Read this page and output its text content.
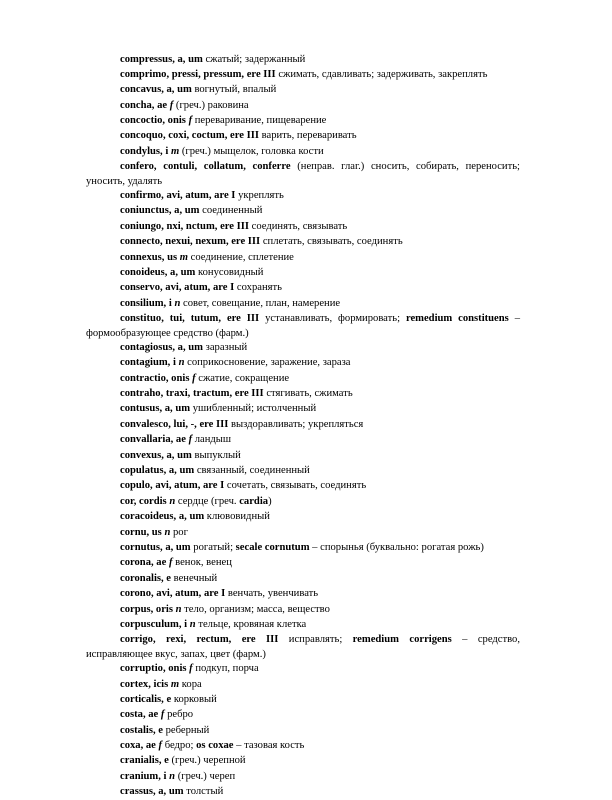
compressus, a, um сжатый; задержанный
comprimo, pressi, pressum, ere III сжимать, сдавливать; задерживать, закреплять
concavus, a, um вогнутый, впалый
concha, ae f (греч.) раковина
concoctio, onis f переваривание, пищеварение
concoquo, coxi, coctum, ere III варить, переваривать
condylus, i m (греч.) мыщелок, головка кости
confero, contuli, collatum, conferre (неправ. глаг.) сносить, собирать, переносить;
уносить, удалять
confirmo, avi, atum, are I укреплять
coniunctus, a, um соединенный
coniungo, nxi, nctum, ere III соединять, связывать
connecto, nexui, nexum, ere III сплетать, связывать, соединять
connexus, us m соединение, сплетение
conoideus, a, um конусовидный
conservo, avi, atum, are I сохранять
consilium, i n совет, совещание, план, намерение
constituo, tui, tutum, ere III устанавливать, формировать; remedium constituens –
формообразующее средство (фарм.)
contagiosus, a, um заразный
contagium, i n соприкосновение, заражение, зараза
contractio, onis f сжатие, сокращение
contraho, traxi, tractum, ere III стягивать, сжимать
contusus, a, um ушибленный; истолченный
convalesco, lui, -, ere III выздоравливать; укрепляться
convallaria, ae f ландыш
convexus, a, um выпуклый
copulatus, a, um связанный, соединенный
copulo, avi, atum, are I сочетать, связывать, соединять
cor, cordis n сердце (греч. cardia)
coracoideus, a, um клювовидный
cornu, us n рог
cornutus, a, um рогатый; secale cornutum – спорынья (буквально: рогатая рожь)
corona, ae f венок, венец
coronalis, e венечный
corono, avi, atum, are I венчать, увенчивать
corpus, oris n тело, организм; масса, вещество
corpusculum, i n тельце, кровяная клетка
corrigo, rexi, rectum, ere III исправлять; remedium corrigens – средство,
исправляющее вкус, запах, цвет (фарм.)
corruptio, onis f подкуп, порча
cortex, icis m кора
corticalis, e корковый
costa, ae f ребро
costalis, e реберный
coxa, ae f бедро; os coxae – тазовая кость
cranialis, e (греч.) черепной
cranium, i n (греч.) череп
crassus, a, um толстый
